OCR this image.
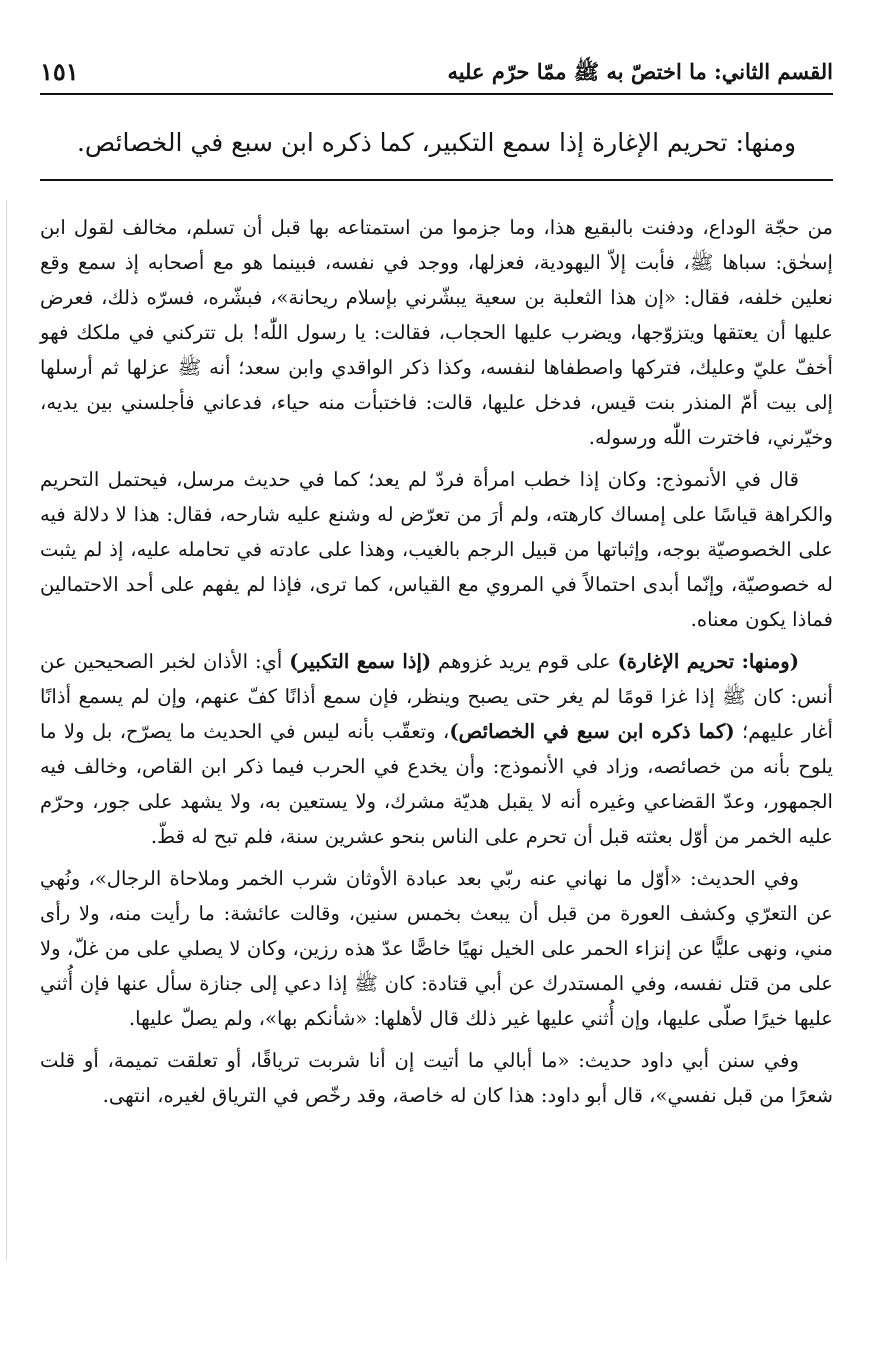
القسم الثاني: ما اختصّ به ﷺ ممّا حرّم عليه
١٥١
ومنها: تحريم الإغارة إذا سمع التكبير، كما ذكره ابن سبع في الخصائص.

من حجّة الوداع، ودفنت بالبقيع هذا، وما جزموا من استمتاعه بها قبل أن تسلم، مخالف لقول ابن إسحٰق: سباها ﷺ، فأبت إلاّ اليهودية، فعزلها، ووجد في نفسه، فبينما هو مع أصحابه إذ سمع وقع نعلين خلفه، فقال: «إن هذا الثعلبة بن سعية يبشّرني بإسلام ريحانة»، فبشّره، فسرّه ذلك، فعرض عليها أن يعتقها ويتزوّجها، ويضرب عليها الحجاب، فقالت: يا رسول اللّٰه! بل تتركني في ملكك فهو أخفّ عليّ وعليك، فتركها واصطفاها لنفسه، وكذا ذكر الواقدي وابن سعد؛ أنه ﷺ عزلها ثم أرسلها إلى بيت أمّ المنذر بنت قيس، فدخل عليها، قالت: فاختبأت منه حياء، فدعاني فأجلسني بين يديه، وخيّرني، فاخترت اللّٰه ورسوله.

قال في الأنموذج: وكان إذا خطب امرأة فردّ لم يعد؛ كما في حديث مرسل، فيحتمل التحريم والكراهة قياسًا على إمساك كارهته، ولم أرَ من تعرّض له وشنع عليه شارحه، فقال: هذا لا دلالة فيه على الخصوصيّة بوجه، وإثباتها من قبيل الرجم بالغيب، وهذا على عادته في تحامله عليه، إذ لم يثبت له خصوصيّة، وإنّما أبدى احتمالاً في المروي مع القياس، كما ترى، فإذا لم يفهم على أحد الاحتمالين فماذا يكون معناه.

(ومنها: تحريم الإغارة) على قوم يريد غزوهم (إذا سمع التكبير) أي: الأذان لخبر الصحيحين عن أنس: كان ﷺ إذا غزا قومًا لم يغر حتى يصبح وينظر، فإن سمع أذانًا كفّ عنهم، وإن لم يسمع أذانًا أغار عليهم؛ (كما ذكره ابن سبع في الخصائص)، وتعقّب بأنه ليس في الحديث ما يصرّح، بل ولا ما يلوح بأنه من خصائصه، وزاد في الأنموذج: وأن يخدع في الحرب فيما ذكر ابن القاص، وخالف فيه الجمهور، وعدّ القضاعي وغيره أنه لا يقبل هديّة مشرك، ولا يستعين به، ولا يشهد على جور، وحرّم عليه الخمر من أوّل بعثته قبل أن تحرم على الناس بنحو عشرين سنة، فلم تبح له قطّ.

وفي الحديث: «أوّل ما نهاني عنه ربّي بعد عبادة الأوثان شرب الخمر وملاحاة الرجال»، ونُهي عن التعرّي وكشف العورة من قبل أن يبعث بخمس سنين، وقالت عائشة: ما رأيت منه، ولا رأى مني، ونهى عليًّا عن إنزاء الحمر على الخيل نهيًا خاصًّا عدّ هذه رزين، وكان لا يصلي على من غلّ، ولا على من قتل نفسه، وفي المستدرك عن أبي قتادة: كان ﷺ إذا دعي إلى جنازة سأل عنها فإن أُثني عليها خيرًا صلّى عليها، وإن أُثني عليها غير ذلك قال لأهلها: «شأنكم بها»، ولم يصلّ عليها.

وفي سنن أبي داود حديث: «ما أبالي ما أتيت إن أنا شربت ترياقًا، أو تعلقت تميمة، أو قلت شعرًا من قبل نفسي»، قال أبو داود: هذا كان له خاصة، وقد رخّص في الترياق لغيره، انتهى.
